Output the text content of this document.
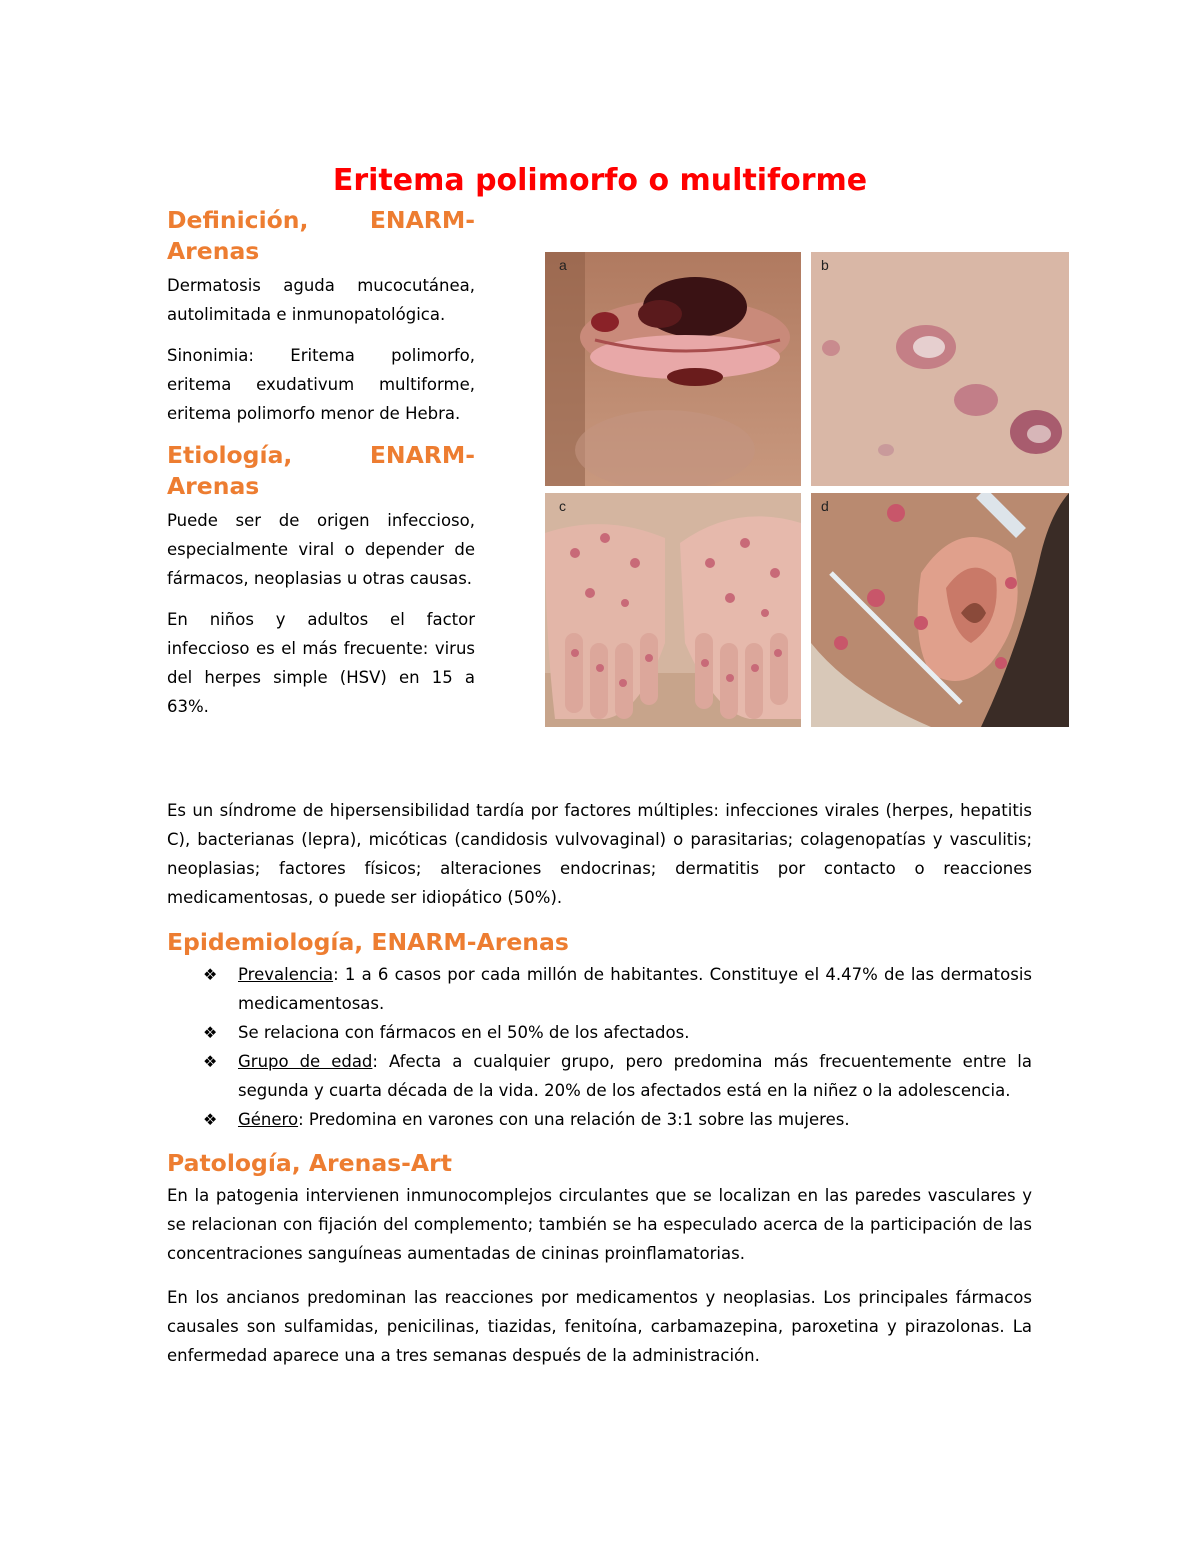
Eritema polimorfo o multiforme
Definición,	ENARM-
Arenas

Dermatosis aguda mucocutánea, autolimitada e inmunopatológica.

Sinonimia: Eritema polimorfo, eritema exudativum multiforme, eritema polimorfo menor de Hebra.

Etiología,	ENARM-
Arenas

Puede ser de origen infeccioso, especialmente viral o depender de fármacos, neoplasias u otras causas.

En niños y adultos el factor infeccioso es el más frecuente: virus del herpes simple (HSV) en 15 a 63%.

a	b
c	d

Es un síndrome de hipersensibilidad tardía por factores múltiples: infecciones virales (herpes, hepatitis C), bacterianas (lepra), micóticas (candidosis vulvovaginal) o parasitarias; colagenopatías y vasculitis; neoplasias; factores físicos; alteraciones endocrinas; dermatitis por contacto o reacciones medicamentosas, o puede ser idiopático (50%).

Epidemiología, ENARM-Arenas
❖ Prevalencia: 1 a 6 casos por cada millón de habitantes. Constituye el 4.47% de las dermatosis medicamentosas.
❖ Se relaciona con fármacos en el 50% de los afectados.
❖ Grupo de edad: Afecta a cualquier grupo, pero predomina más frecuentemente entre la segunda y cuarta década de la vida. 20% de los afectados está en la niñez o la adolescencia.
❖ Género: Predomina en varones con una relación de 3:1 sobre las mujeres.
Patología, Arenas-Art

En la patogenia intervienen inmunocomplejos circulantes que se localizan en las paredes vasculares y se relacionan con fijación del complemento; también se ha especulado acerca de la participación de las concentraciones sanguíneas aumentadas de cininas proinflamatorias.

En los ancianos predominan las reacciones por medicamentos y neoplasias. Los principales fármacos causales son sulfamidas, penicilinas, tiazidas, fenitoína, carbamazepina, paroxetina y pirazolonas. La enfermedad aparece una a tres semanas después de la administración.
